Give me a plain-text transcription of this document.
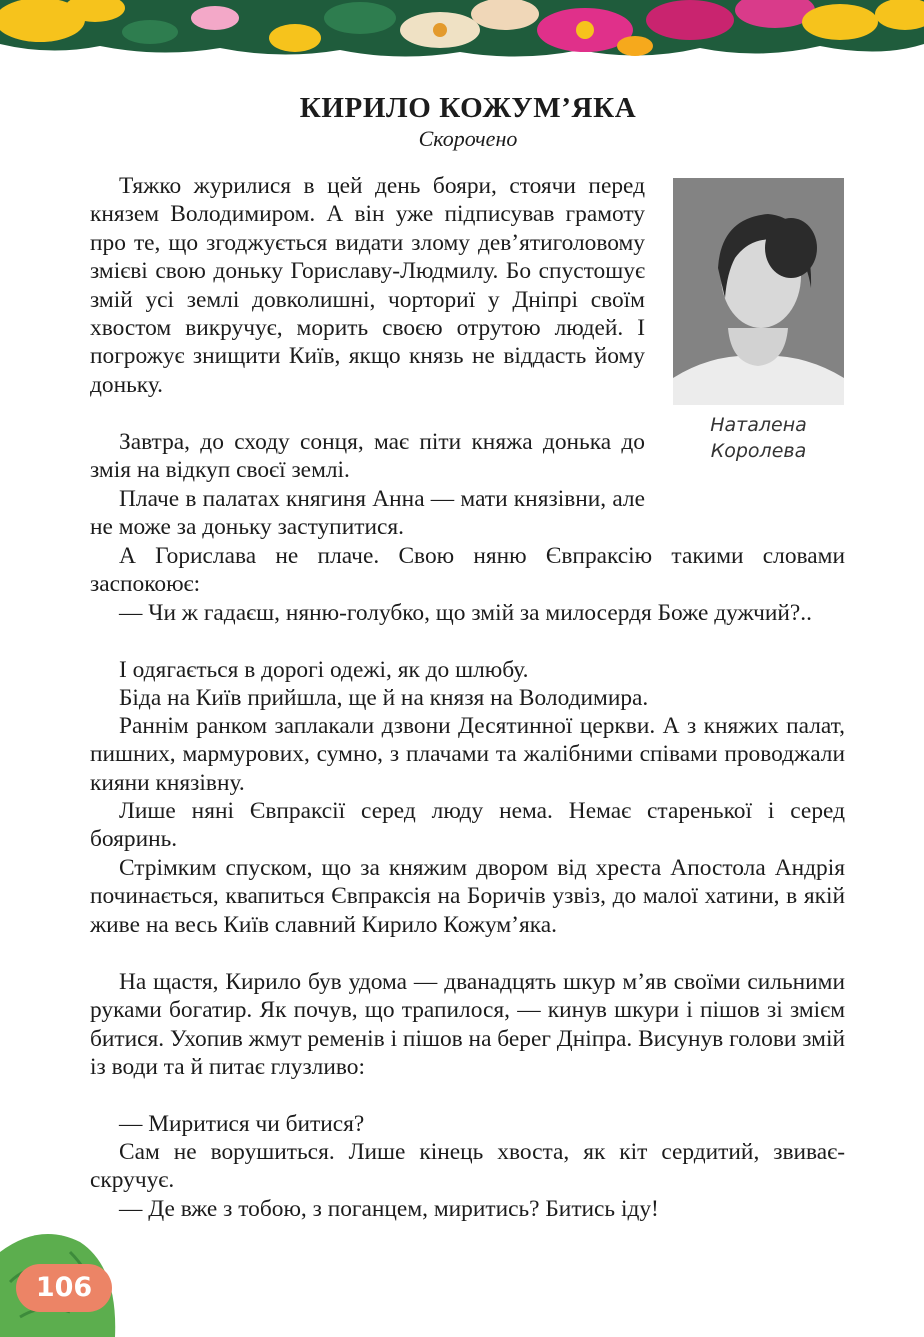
КИРИЛО КОЖУМ’ЯКА
Скорочено
Наталена
Королева

Тяжко журилися в цей день бояри, стоячи перед князем Володимиром. А він уже підписував грамоту про те, що згоджується видати злому дев’ятиголовому змієві свою доньку Гориславу-Людмилу. Бо спустошує змій усі землі довколишні, чорториї у Дніпрі своїм хвостом викручує, морить своєю отрутою людей. І погрожує знищити Київ, якщо князь не віддасть йому доньку.

Завтра, до сходу сонця, має піти княжа донька до змія на відкуп своєї землі.

Плаче в палатах княгиня Анна — мати князівни, але не може за доньку заступитися.

А Горислава не плаче. Свою няню Євпраксію такими словами заспокоює:

— Чи ж гадаєш, няню-голубко, що змій за милосердя Боже дужчий?..

І одягається в дорогі одежі, як до шлюбу.

Біда на Київ прийшла, ще й на князя на Володимира.

Раннім ранком заплакали дзвони Десятинної церкви. А з княжих палат, пишних, мармурових, сумно, з плачами та жалібними співами проводжали кияни князівну.

Лише няні Євпраксії серед люду нема. Немає старенької і серед бояринь.

Стрімким спуском, що за княжим двором від хреста Апостола Андрія починається, квапиться Євпраксія на Боричів узвіз, до малої хатини, в якій живе на весь Київ славний Кирило Кожум’яка.

На щастя, Кирило був удома — дванадцять шкур м’яв своїми сильними руками богатир. Як почув, що трапилося, — кинув шкури і пішов зі змієм битися. Ухопив жмут ременів і пішов на берег Дніпра. Висунув голови змій із води та й питає глузливо:

— Миритися чи битися?

Сам не ворушиться. Лише кінець хвоста, як кіт сердитий, звиває-скручує.

— Де вже з тобою, з поганцем, миритись? Битись іду!

106
